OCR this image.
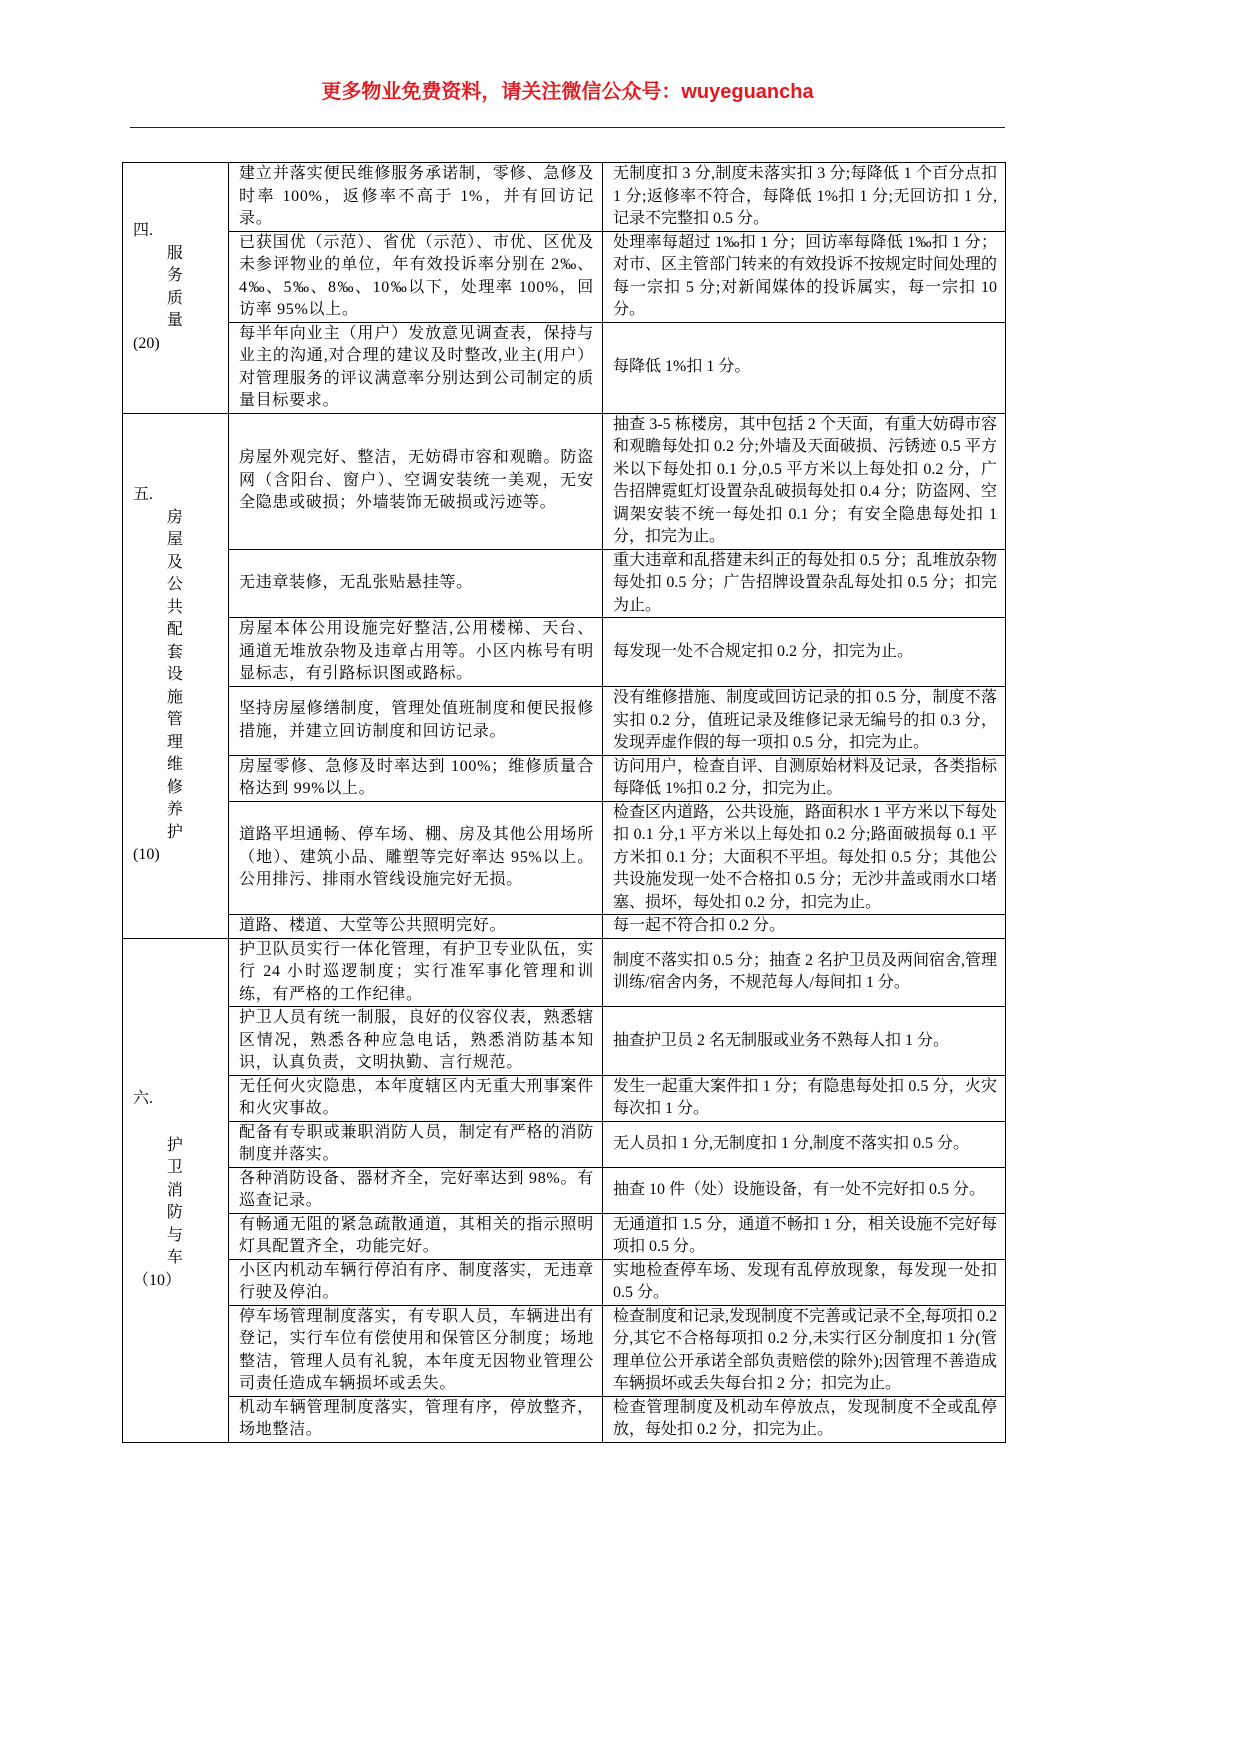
更多物业免费资料，请关注微信公众号：wuyeguancha
四.
服务质量
(20)	建立并落实便民维修服务承诺制，零修、急修及时率 100%，返修率不高于 1%，并有回访记录。	无制度扣 3 分,制度未落实扣 3 分;每降低 1 个百分点扣 1 分;返修率不符合，每降低 1%扣 1 分;无回访扣 1 分,记录不完整扣 0.5 分。
	已获国优（示范）、省优（示范）、市优、区优及未参评物业的单位，年有效投诉率分别在 2‰、4‰、5‰、8‰、10‰以下，处理率 100%，回访率 95%以上。	处理率每超过 1‰扣 1 分；回访率每降低 1‰扣 1 分；对市、区主管部门转来的有效投诉不按规定时间处理的每一宗扣 5 分;对新闻媒体的投诉属实，每一宗扣 10 分。
	每半年向业主（用户）发放意见调查表，保持与业主的沟通,对合理的建议及时整改,业主(用户）对管理服务的评议满意率分别达到公司制定的质量目标要求。	每降低 1%扣 1 分。

五.
房屋及公共配套设施管理维修养护
(10)	房屋外观完好、整洁，无妨碍市容和观瞻。防盗网（含阳台、窗户）、空调安装统一美观，无安全隐患或破损；外墙装饰无破损或污迹等。	抽查 3-5 栋楼房，其中包括 2 个天面，有重大妨碍市容和观瞻每处扣 0.2 分;外墙及天面破损、污锈迹 0.5 平方米以下每处扣 0.1 分,0.5 平方米以上每处扣 0.2 分，广告招牌霓虹灯设置杂乱破损每处扣 0.4 分；防盗网、空调架安装不统一每处扣 0.1 分；有安全隐患每处扣 1 分，扣完为止。
	无违章装修，无乱张贴悬挂等。	重大违章和乱搭建未纠正的每处扣 0.5 分；乱堆放杂物每处扣 0.5 分；广告招牌设置杂乱每处扣 0.5 分；扣完为止。
	房屋本体公用设施完好整洁,公用楼梯、天台、通道无堆放杂物及违章占用等。小区内栋号有明显标志，有引路标识图或路标。	每发现一处不合规定扣 0.2 分，扣完为止。
	坚持房屋修缮制度，管理处值班制度和便民报修措施，并建立回访制度和回访记录。	没有维修措施、制度或回访记录的扣 0.5 分，制度不落实扣 0.2 分，值班记录及维修记录无编号的扣 0.3 分，发现弄虚作假的每一项扣 0.5 分，扣完为止。
	房屋零修、急修及时率达到 100%；维修质量合格达到 99%以上。	访问用户，检查自评、自测原始材料及记录，各类指标每降低 1%扣 0.2 分，扣完为止。
	道路平坦通畅、停车场、棚、房及其他公用场所（地）、建筑小品、雕塑等完好率达 95%以上。公用排污、排雨水管线设施完好无损。	检查区内道路，公共设施，路面积水 1 平方米以下每处扣 0.1 分,1 平方米以上每处扣 0.2 分;路面破损每 0.1 平方米扣 0.1 分；大面积不平坦。每处扣 0.5 分；其他公共设施发现一处不合格扣 0.5 分；无沙井盖或雨水口堵塞、损坏，每处扣 0.2 分，扣完为止。
	道路、楼道、大堂等公共照明完好。	每一起不符合扣 0.2 分。

六.
护卫消防与车
（10）	护卫队员实行一体化管理，有护卫专业队伍，实行 24 小时巡逻制度；实行准军事化管理和训练，有严格的工作纪律。	制度不落实扣 0.5 分；抽查 2 名护卫员及两间宿舍,管理训练/宿舍内务，不规范每人/每间扣 1 分。
	护卫人员有统一制服，良好的仪容仪表，熟悉辖区情况，熟悉各种应急电话，熟悉消防基本知识，认真负责，文明执勤、言行规范。	抽查护卫员 2 名无制服或业务不熟每人扣 1 分。
	无任何火灾隐患，本年度辖区内无重大刑事案件和火灾事故。	发生一起重大案件扣 1 分；有隐患每处扣 0.5 分，火灾每次扣 1 分。
	配备有专职或兼职消防人员，制定有严格的消防制度并落实。	无人员扣 1 分,无制度扣 1 分,制度不落实扣 0.5 分。
	各种消防设备、器材齐全，完好率达到 98%。有巡查记录。	抽查 10 件（处）设施设备，有一处不完好扣 0.5 分。
	有畅通无阻的紧急疏散通道，其相关的指示照明灯具配置齐全，功能完好。	无通道扣 1.5 分，通道不畅扣 1 分，相关设施不完好每项扣 0.5 分。
	小区内机动车辆行停泊有序、制度落实，无违章行驶及停泊。	实地检查停车场、发现有乱停放现象，每发现一处扣 0.5 分。
	停车场管理制度落实，有专职人员，车辆进出有登记，实行车位有偿使用和保管区分制度；场地整洁，管理人员有礼貌，本年度无因物业管理公司责任造成车辆损坏或丢失。	检查制度和记录,发现制度不完善或记录不全,每项扣 0.2 分,其它不合格每项扣 0.2 分,未实行区分制度扣 1 分(管理单位公开承诺全部负责赔偿的除外);因管理不善造成车辆损坏或丢失每台扣 2 分；扣完为止。
	机动车辆管理制度落实，管理有序，停放整齐，场地整洁。	检查管理制度及机动车停放点，发现制度不全或乱停放，每处扣 0.2 分，扣完为止。
